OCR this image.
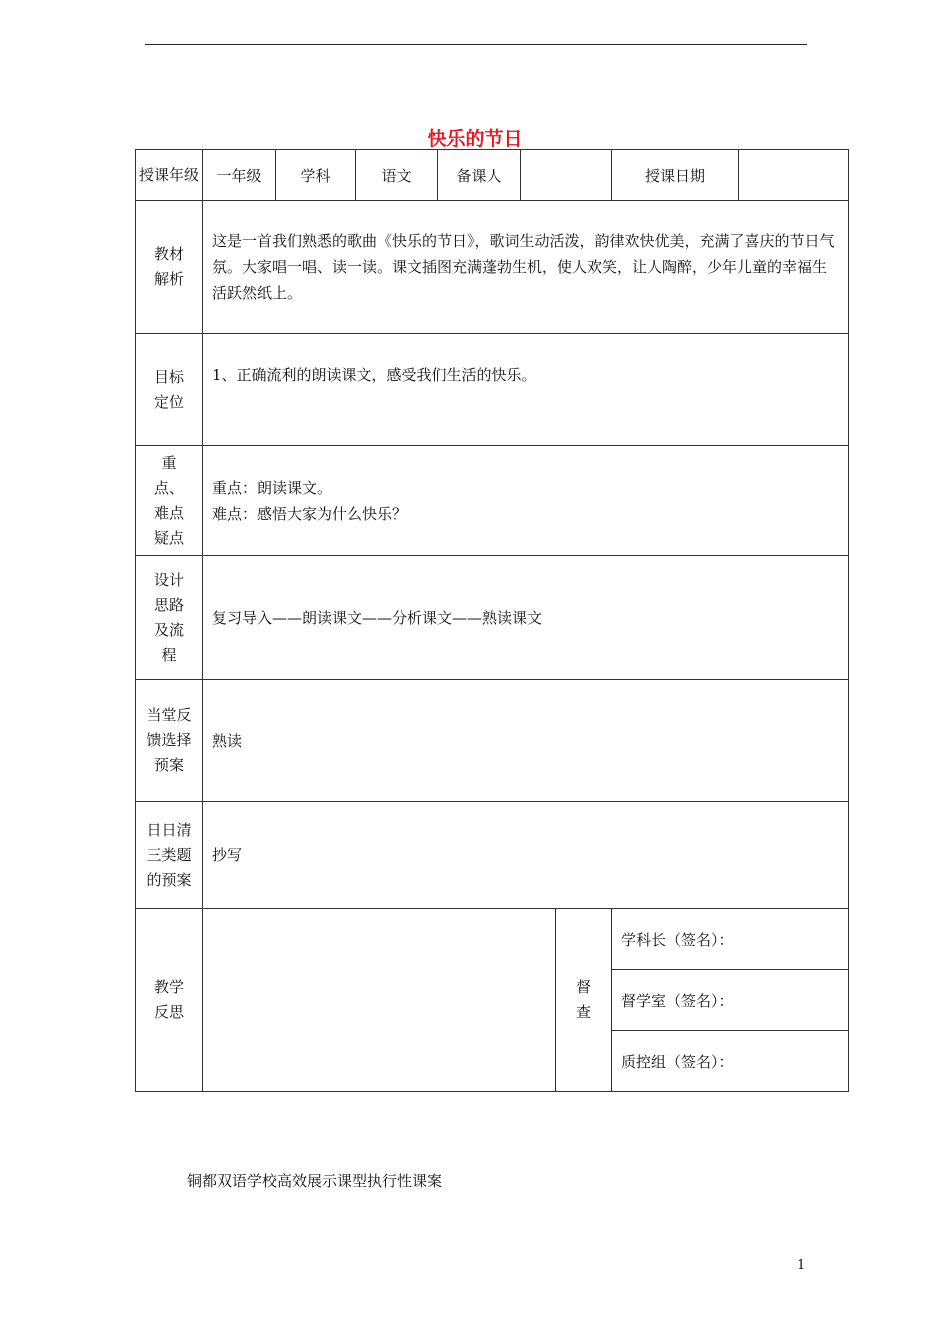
快乐的节日
授课年级	一年级	学科	语文	备课人			授课日期	
教材解析	这是一首我们熟悉的歌曲《快乐的节日》，歌词生动活泼，韵律欢快优美，充满了喜庆的节日气氛。大家唱一唱、读一读。课文插图充满蓬勃生机，使人欢笑，让人陶醉，少年儿童的幸福生活跃然纸上。							
目标定位	1、正确流利的朗读课文，感受我们生活的快乐。							
重点、难点疑点	重点：朗读课文。
难点：感悟大家为什么快乐？							

设计思路及流程	复习导入——朗读课文——分析课文——熟读课文							
当堂反馈选择预案	熟读							
日日清三类题的预案	抄写							
教学反思						督查	学科长（签名）：	
							督学室（签名）：	
							质控组（签名）：	
铜都双语学校高效展示课型执行性课案
1
